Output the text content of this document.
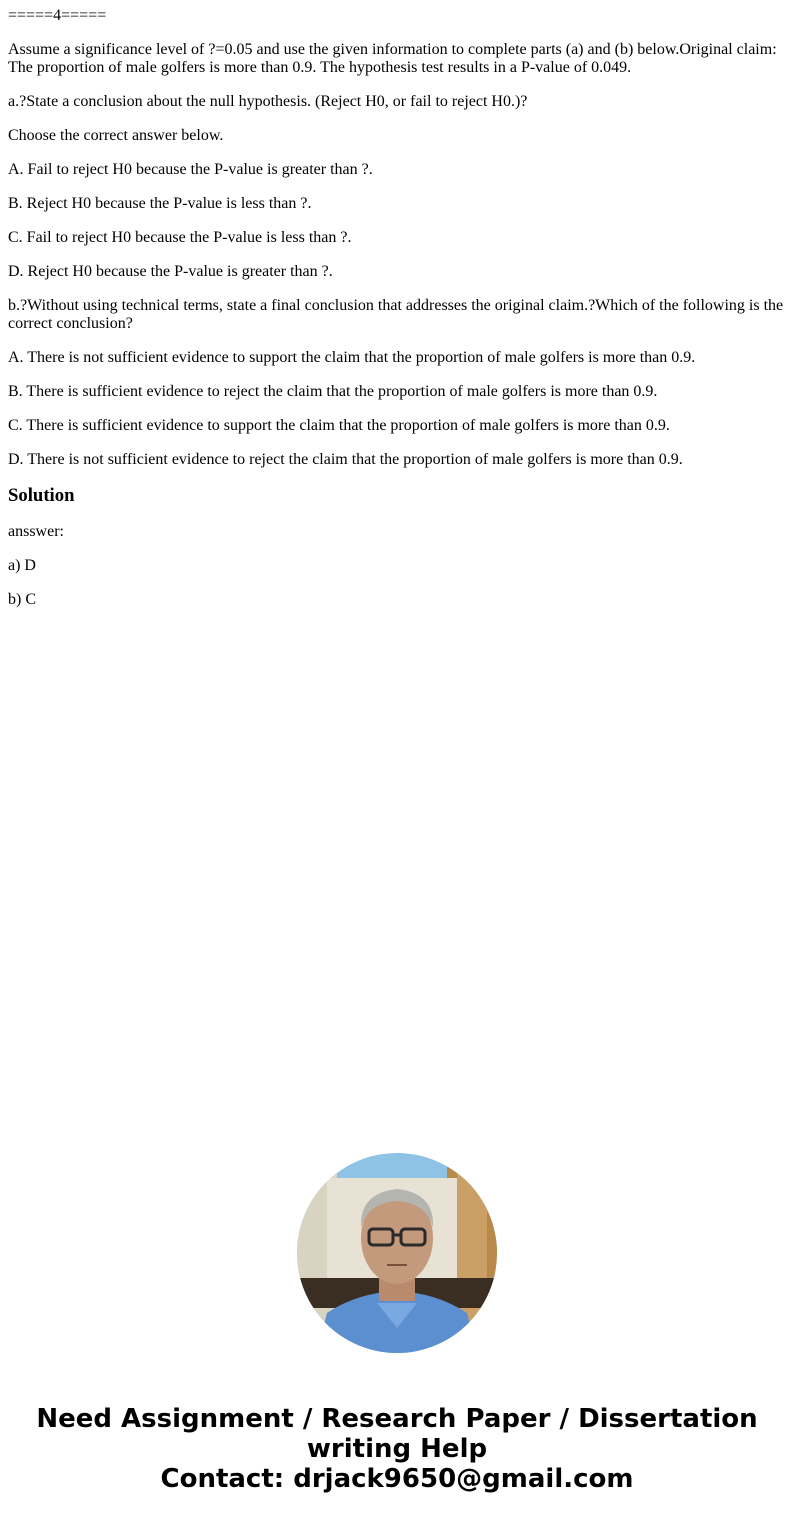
=====4=====

Assume a significance level of ?=0.05 and use the given information to complete parts (a) and (b) below.Original claim: The proportion of male golfers is more than 0.9. The hypothesis test results in a P-value of 0.049.

a.?State a conclusion about the null hypothesis. (Reject H0, or fail to reject H0.)?

Choose the correct answer below.

A. Fail to reject H0 because the P-value is greater than ?.

B. Reject H0 because the P-value is less than ?.

C. Fail to reject H0 because the P-value is less than ?.

D. Reject H0 because the P-value is greater than ?.

b.?Without using technical terms, state a final conclusion that addresses the original claim.?Which of the following is the correct conclusion?

A. There is not sufficient evidence to support the claim that the proportion of male golfers is more than 0.9.

B. There is sufficient evidence to reject the claim that the proportion of male golfers is more than 0.9.

C. There is sufficient evidence to support the claim that the proportion of male golfers is more than 0.9.

D. There is not sufficient evidence to reject the claim that the proportion of male golfers is more than 0.9.

Solution

ansswer:

a) D

b) C

Need Assignment / Research Paper / Dissertation
writing Help
Contact: drjack9650@gmail.com
